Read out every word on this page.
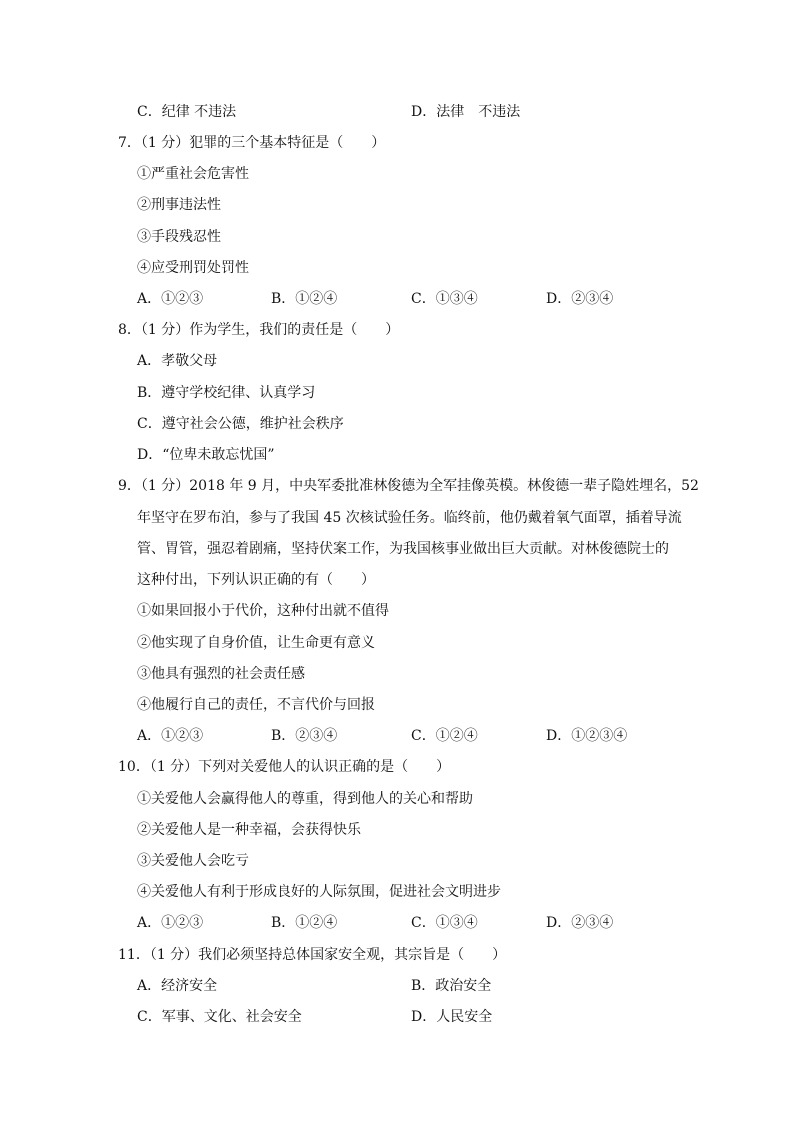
C．纪律 不违法	D．法律　不违法
7．（1 分）犯罪的三个基本特征是（　　）
①严重社会危害性
②刑事违法性
③手段残忍性
④应受刑罚处罚性
A．①②③	B．①②④	C．①③④	D．②③④
8．（1 分）作为学生，我们的责任是（　　）
A．孝敬父母
B．遵守学校纪律、认真学习
C．遵守社会公德，维护社会秩序
D．“位卑未敢忘忧国”
9．（1 分）2018 年 9 月，中央军委批准林俊德为全军挂像英模。林俊德一辈子隐姓埋名，52
年坚守在罗布泊，参与了我国 45 次核试验任务。临终前，他仍戴着氧气面罩，插着导流
管、胃管，强忍着剧痛，坚持伏案工作，为我国核事业做出巨大贡献。对林俊德院士的
这种付出，下列认识正确的有（　　）
①如果回报小于代价，这种付出就不值得
②他实现了自身价值，让生命更有意义
③他具有强烈的社会责任感
④他履行自己的责任，不言代价与回报
A．①②③	B．②③④	C．①②④	D．①②③④
10．（1 分）下列对关爱他人的认识正确的是（　　）
①关爱他人会赢得他人的尊重，得到他人的关心和帮助
②关爱他人是一种幸福，会获得快乐
③关爱他人会吃亏
④关爱他人有利于形成良好的人际氛围，促进社会文明进步
A．①②③	B．①②④	C．①③④	D．②③④
11．（1 分）我们必须坚持总体国家安全观，其宗旨是（　　）
A．经济安全	B．政治安全
C．军事、文化、社会安全	D．人民安全
